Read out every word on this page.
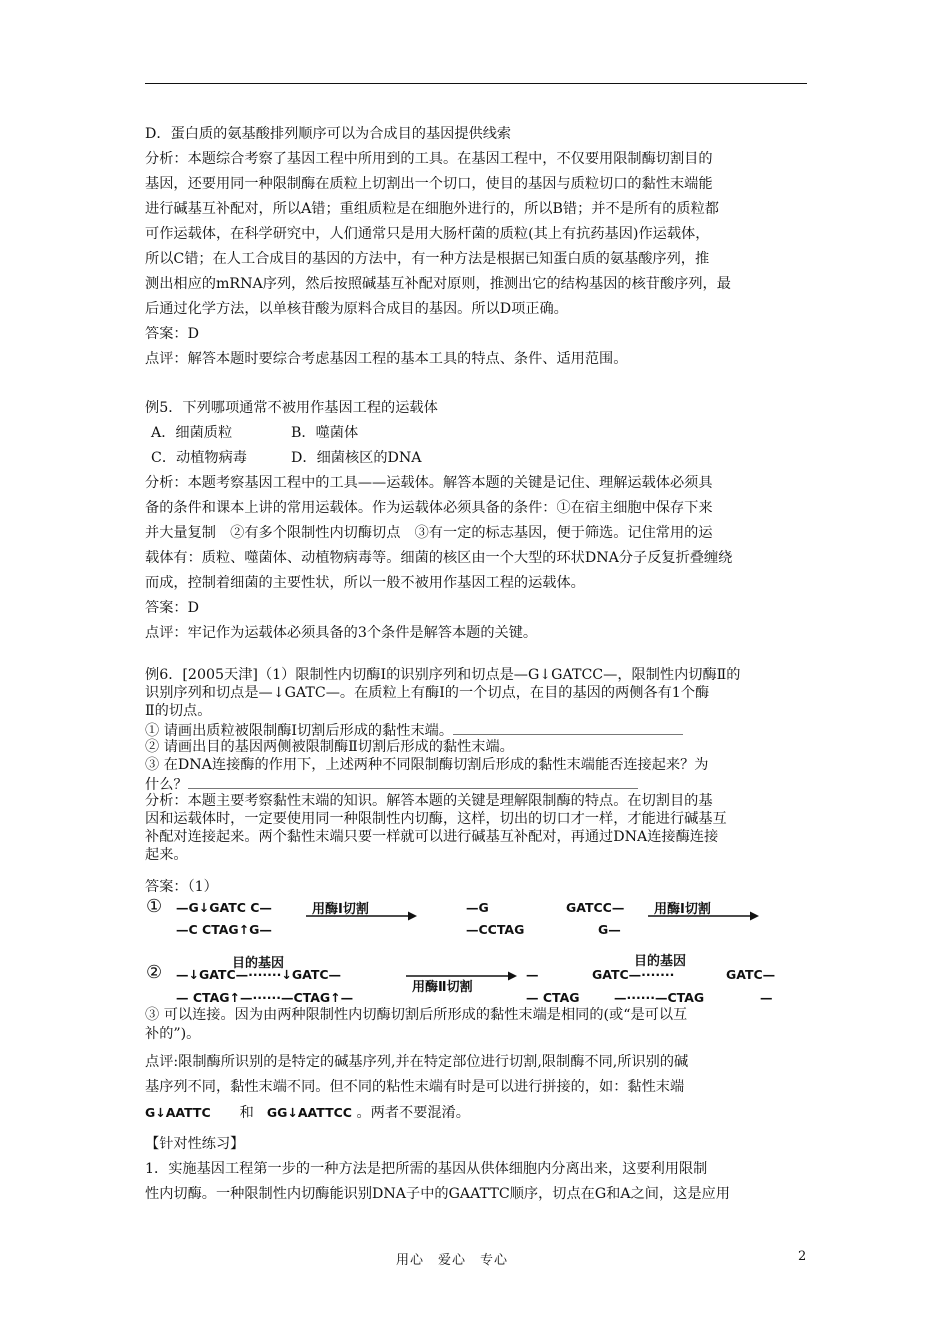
D．蛋白质的氨基酸排列顺序可以为合成目的基因提供线索
分析：本题综合考察了基因工程中所用到的工具。在基因工程中，不仅要用限制酶切割目的
基因，还要用同一种限制酶在质粒上切割出一个切口，使目的基因与质粒切口的黏性末端能
进行碱基互补配对，所以A错；重组质粒是在细胞外进行的，所以B错；并不是所有的质粒都
可作运载体，在科学研究中，人们通常只是用大肠杆菌的质粒(其上有抗药基因)作运载体，
所以C错；在人工合成目的基因的方法中，有一种方法是根据已知蛋白质的氨基酸序列，推
测出相应的mRNA序列，然后按照碱基互补配对原则，推测出它的结构基因的核苷酸序列，最
后通过化学方法，以单核苷酸为原料合成目的基因。所以D项正确。
答案：D
点评：解答本题时要综合考虑基因工程的基本工具的特点、条件、适用范围。
例5．下列哪项通常不被用作基因工程的运载体
A．细菌质粒	B．噬菌体
C．动植物病毒	D．细菌核区的DNA
分析：本题考察基因工程中的工具——运载体。解答本题的关键是记住、理解运载体必须具
备的条件和课本上讲的常用运载体。作为运载体必须具备的条件：①在宿主细胞中保存下来
并大量复制　②有多个限制性内切酶切点　③有一定的标志基因，便于筛选。记住常用的运
载体有：质粒、噬菌体、动植物病毒等。细菌的核区由一个大型的环状DNA分子反复折叠缠绕
而成，控制着细菌的主要性状，所以一般不被用作基因工程的运载体。
答案：D
点评：牢记作为运载体必须具备的3个条件是解答本题的关键。
例6．[2005天津]（1）限制性内切酶Ⅰ的识别序列和切点是—G↓GATCC—，限制性内切酶Ⅱ的
识别序列和切点是—↓GATC—。在质粒上有酶Ⅰ的一个切点，在目的基因的两侧各有1个酶
Ⅱ的切点。
① 请画出质粒被限制酶Ⅰ切割后形成的黏性末端。
② 请画出目的基因两侧被限制酶Ⅱ切割后形成的黏性末端。
③ 在DNA连接酶的作用下，上述两种不同限制酶切割后形成的黏性末端能否连接起来？为
什么？
分析：本题主要考察黏性末端的知识。解答本题的关键是理解限制酶的特点。在切割目的基
因和运载体时，一定要使用同一种限制性内切酶，这样，切出的切口才一样，才能进行碱基互
补配对连接起来。两个黏性末端只要一样就可以进行碱基互补配对，再通过DNA连接酶连接
起来。
答案：（1）
① —G↓GATC C—
—C CTAG↑G—
用酶Ⅰ切割	—G
—CCTAG
GATCC—
G—
用酶Ⅰ切割
目的基因	目的基因
② —↓GATC—·······↓GATC—
— CTAG↑—······—CTAG↑—
用酶Ⅱ切割
—
— CTAG
GATC—·······
—······—CTAG
GATC—
—
③ 可以连接。因为由两种限制性内切酶切割后所形成的黏性末端是相同的(或“是可以互
补的”)。
点评:限制酶所识别的是特定的碱基序列,并在特定部位进行切割,限制酶不同,所识别的碱
基序列不同，黏性末端不同。但不同的粘性末端有时是可以进行拼接的，如：黏性末端
G↓AATTC 和 GG↓AATTCC 。两者不要混淆。
【针对性练习】
1．实施基因工程第一步的一种方法是把所需的基因从供体细胞内分离出来，这要利用限制
性内切酶。一种限制性内切酶能识别DNA子中的GAATTC顺序，切点在G和A之间，这是应用
用心　爱心　专心	2
